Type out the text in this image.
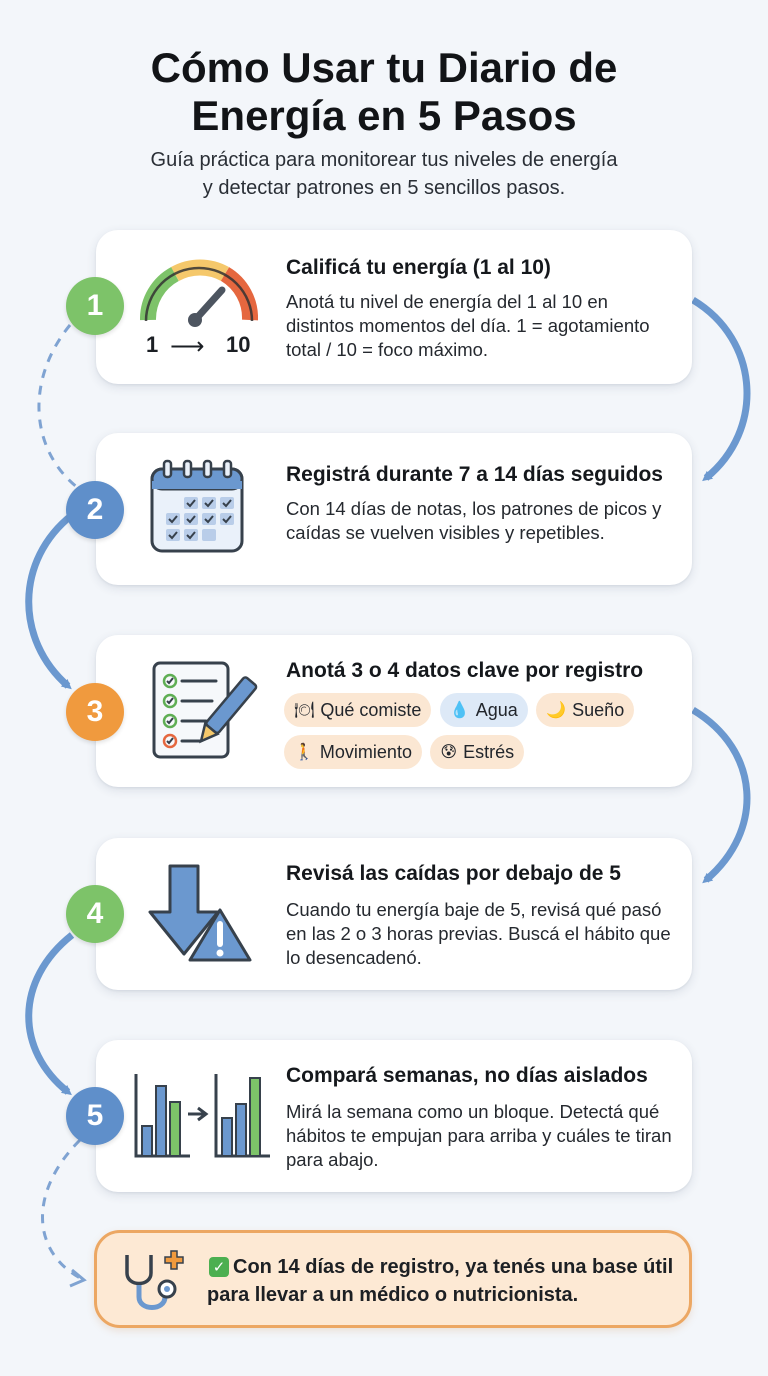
Cómo Usar tu Diario de
Energía en 5 Pasos
Guía práctica para monitorear tus niveles de energía
y detectar patrones en 5 sencillos pasos.
1 ⟶ 10
Calificá tu energía (1 al 10)
Anotá tu nivel de energía del 1 al 10 en distintos momentos del día. 1 = agotamiento total / 10 = foco máximo.
1
Registrá durante 7 a 14 días seguidos
Con 14 días de notas, los patrones de picos y caídas se vuelven visibles y repetibles.
2
Anotá 3 o 4 datos clave por registro
🍽 Qué comiste
💧 Agua
🌙 Sueño

🚶 Movimiento
😰 Estrés
3
Revisá las caídas por debajo de 5
Cuando tu energía baje de 5, revisá qué pasó en las 2 o 3 horas previas. Buscá el hábito que lo desencadenó.
4
Compará semanas, no días aislados
Mirá la semana como un bloque. Detectá qué hábitos te empujan para arriba y cuáles te tiran para abajo.
5
✓ Con 14 días de registro, ya tenés una base útil para llevar a un médico o nutricionista.
